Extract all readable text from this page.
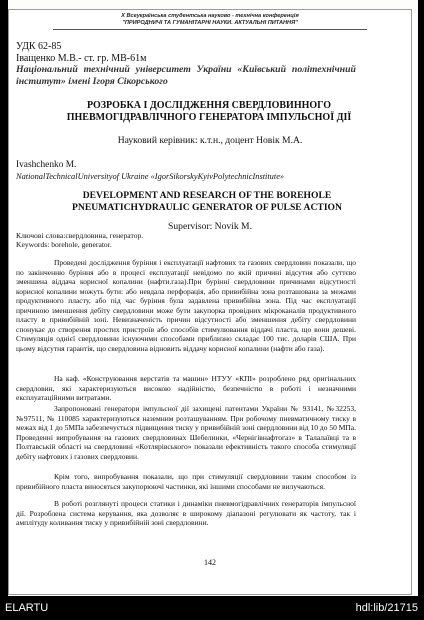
X Всеукраїнська студентська науково - технічна конференція
"ПРИРОДНИЧІ ТА ГУМАНІТАРНІ НАУКИ. АКТУАЛЬНІ ПИТАННЯ"
УДК 62-85
Іващенко М.В.- ст. гр. МВ-61м
Національний технічний університет України «Київський політехнічний інститут» імені Ігоря Сікорського
РОЗРОБКА І ДОСЛІДЖЕННЯ СВЕРДЛОВИННОГО ПНЕВМОГІДРАВЛІЧНОГО ГЕНЕРАТОРА ІМПУЛЬСНОЇ ДІЇ
Науковий керівник: к.т.н., доцент Новік М.А.
Ivashchenko M.
NationalTechnicalUniversityof Ukraine «IgorSikorskyKyivPolytechnicInstitute»
DEVELOPMENT AND RESEARCH OF THE BOREHOLE PNEUMATICHYDRAULIC GENERATOR OF PULSE ACTION
Supervisor: Novik M.
Ключові слова:свердловина, генератор.
Keywords: borehole, generator.
Проведені дослідження буріння і експлуатації нафтових та газових свердловин показали, що по закінченню буріння або в процесі експлуатації невідомо по якій причині відсутня або суттєво зменшена віддача корисної копалини (нафти.газа).При бурінні свердловини причинами відсутності корисної копалини можуть бути: або невдала перфорація, або привибійна зона розташована за межами продуктивного пласту, або під час буріння була задавлена привибійна зона. Під час експлуатації причиною зменшення дебіту свердловини може бути закупорка провідних мікроканалів продуктивного пласту в привибійній зоні. Невизначеність причин відсутності або зменшення дебіту свердловини спонукає до створення простих пристроїв або способів стимулювання віддачі пласта, що вони дешеві. Стимуляція однієї свердловини існуючими способами приблизно складає 100 тис. доларів США. При цьому відсутня гарантія, що свердловина відновить віддачу корисної копалини (нафти або газа).
На каф. «Конструювання верстатів та машин» НТУУ «КПІ» розроблено ряд оригінальних свердловин, які характеризуються високою надійністю, безпечністю в роботі і незначними експлуатаційними витратами.
Запропоновані генератори імпульсної дії захищені патентами України № 93141, №32253, №97511, № 110085 характеризуються наземним розташуванням. При робочому пневматичному тиску в межах від 1 до 5МПа забезпечується підвищення тиску у привибійній зоні свердловини від 10 до 50 МПа. Проведенні випробування на газових свердловинах Шебелинки, «Чернігівнафтогаз» в Талалаївці та в Полтавській області на свердловині «Котлярівського» показали ефективність такого способа стимуляції дебіту нафтових і газових свердловин.
Крім того, випробування показали, що при стимуляції свердловини таким способом із привибійного пласта виносяться закупорюючі частинки, які іншими способами не вилучаються.
В роботі розглянуті процеси статики і динаміки пневмогідравлічних генераторів імпульсної дії. Розроблена система керування, яка дозволяє в широкому діапазоні регулювати як частоту, так і амплітуду коливання тиску у привибійній зоні свердловини.
142
ELARTU	hdl:lib/21715
